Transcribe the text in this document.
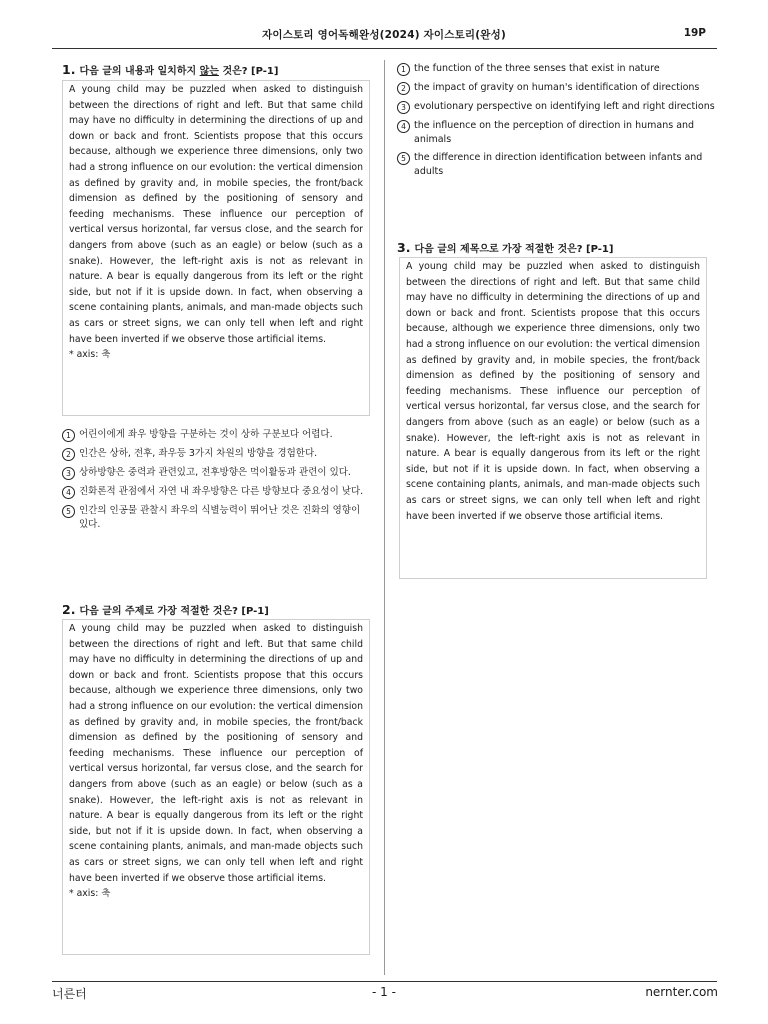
자이스토리 영어독해완성(2024) 자이스토리(완성)	19P
1. 다음 글의 내용과 일치하지 않는 것은? [P-1]

A young child may be puzzled when asked to distinguish between the directions of right and left. But that same child may have no difficulty in determining the directions of up and down or back and front. Scientists propose that this occurs because, although we experience three dimensions, only two had a strong influence on our evolution: the vertical dimension as defined by gravity and, in mobile species, the front/back dimension as defined by the positioning of sensory and feeding mechanisms. These influence our perception of vertical versus horizontal, far versus close, and the search for dangers from above (such as an eagle) or below (such as a snake). However, the left-right axis is not as relevant in nature. A bear is equally dangerous from its left or the right side, but not if it is upside down. In fact, when observing a scene containing plants, animals, and man-made objects such as cars or street signs, we can only tell when left and right have been inverted if we observe those artificial items.

* axis: 축
1 어린이에게 좌우 방향을 구분하는 것이 상하 구분보다 어렵다.
2 인간은 상하, 전후, 좌우등 3가지 차원의 방향을 경험한다.
3 상하방향은 중력과 관련있고, 전후방향은 먹이활동과 관련이 있다.
4 진화론적 관점에서 자연 내 좌우방향은 다른 방향보다 중요성이 낮다.
5 인간의 인공물 관찰시 좌우의 식별능력이 뛰어난 것은 진화의 영향이 있다.
2. 다음 글의 주제로 가장 적절한 것은? [P-1]

A young child may be puzzled when asked to distinguish between the directions of right and left. But that same child may have no difficulty in determining the directions of up and down or back and front. Scientists propose that this occurs because, although we experience three dimensions, only two had a strong influence on our evolution: the vertical dimension as defined by gravity and, in mobile species, the front/back dimension as defined by the positioning of sensory and feeding mechanisms. These influence our perception of vertical versus horizontal, far versus close, and the search for dangers from above (such as an eagle) or below (such as a snake). However, the left-right axis is not as relevant in nature. A bear is equally dangerous from its left or the right side, but not if it is upside down. In fact, when observing a scene containing plants, animals, and man-made objects such as cars or street signs, we can only tell when left and right have been inverted if we observe those artificial items.

* axis: 축
1 the function of the three senses that exist in nature
2 the impact of gravity on human's identification of directions
3 evolutionary perspective on identifying left and right directions
4 the influence on the perception of direction in humans and animals
5 the difference in direction identification between infants and adults
3. 다음 글의 제목으로 가장 적절한 것은? [P-1]

A young child may be puzzled when asked to distinguish between the directions of right and left. But that same child may have no difficulty in determining the directions of up and down or back and front. Scientists propose that this occurs because, although we experience three dimensions, only two had a strong influence on our evolution: the vertical dimension as defined by gravity and, in mobile species, the front/back dimension as defined by the positioning of sensory and feeding mechanisms. These influence our perception of vertical versus horizontal, far versus close, and the search for dangers from above (such as an eagle) or below (such as a snake). However, the left-right axis is not as relevant in nature. A bear is equally dangerous from its left or the right side, but not if it is upside down. In fact, when observing a scene containing plants, animals, and man-made objects such as cars or street signs, we can only tell when left and right have been inverted if we observe those artificial items.

너른터	- 1 -	nernter.com
